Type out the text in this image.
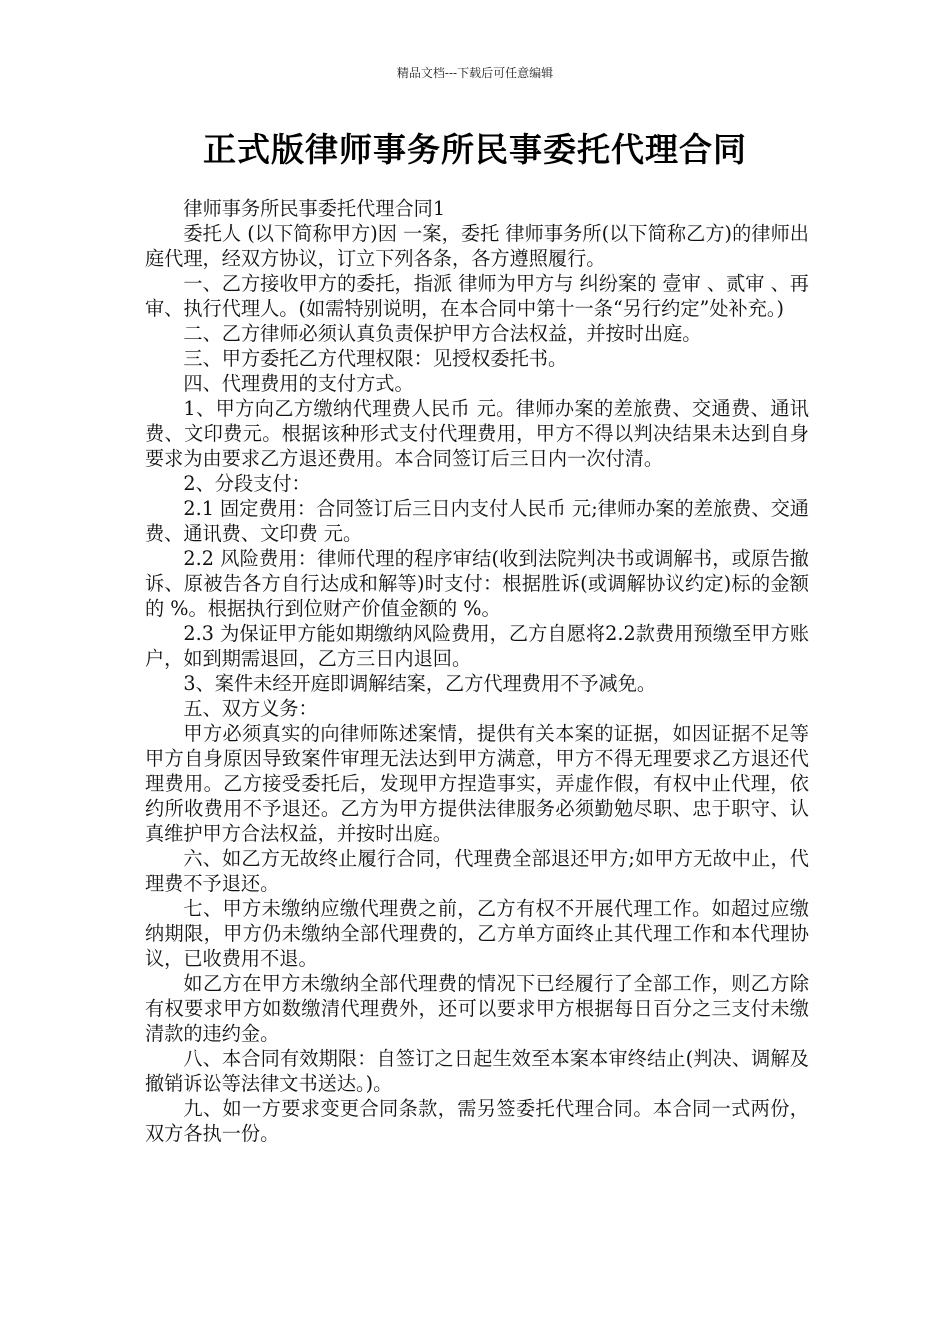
精品文档---下载后可任意编辑
正式版律师事务所民事委托代理合同

律师事务所民事委托代理合同1

委托人 (以下简称甲方)因 一案，委托 律师事务所(以下简称乙方)的律师出庭代理，经双方协议，订立下列各条，各方遵照履行。

一、乙方接收甲方的委托，指派 律师为甲方与 纠纷案的 壹审 、贰审 、再审、执行代理人。(如需特别说明，在本合同中第十一条“另行约定”处补充。)

二、乙方律师必须认真负责保护甲方合法权益，并按时出庭。

三、甲方委托乙方代理权限：见授权委托书。

四、代理费用的支付方式。

1、甲方向乙方缴纳代理费人民币 元。律师办案的差旅费、交通费、通讯费、文印费元。根据该种形式支付代理费用，甲方不得以判决结果未达到自身要求为由要求乙方退还费用。本合同签订后三日内一次付清。

2、分段支付：

2.1 固定费用：合同签订后三日内支付人民币 元;律师办案的差旅费、交通费、通讯费、文印费 元。

2.2 风险费用：律师代理的程序审结(收到法院判决书或调解书，或原告撤诉、原被告各方自行达成和解等)时支付：根据胜诉(或调解协议约定)标的金额的 %。根据执行到位财产价值金额的 %。

2.3 为保证甲方能如期缴纳风险费用，乙方自愿将2.2款费用预缴至甲方账户，如到期需退回，乙方三日内退回。

3、案件未经开庭即调解结案，乙方代理费用不予减免。

五、双方义务：

甲方必须真实的向律师陈述案情，提供有关本案的证据，如因证据不足等甲方自身原因导致案件审理无法达到甲方满意，甲方不得无理要求乙方退还代理费用。乙方接受委托后，发现甲方捏造事实，弄虚作假，有权中止代理，依约所收费用不予退还。乙方为甲方提供法律服务必须勤勉尽职、忠于职守、认真维护甲方合法权益，并按时出庭。

六、如乙方无故终止履行合同，代理费全部退还甲方;如甲方无故中止，代理费不予退还。

七、甲方未缴纳应缴代理费之前，乙方有权不开展代理工作。如超过应缴纳期限，甲方仍未缴纳全部代理费的，乙方单方面终止其代理工作和本代理协议，已收费用不退。

如乙方在甲方未缴纳全部代理费的情况下已经履行了全部工作，则乙方除有权要求甲方如数缴清代理费外，还可以要求甲方根据每日百分之三支付未缴清款的违约金。

八、本合同有效期限：自签订之日起生效至本案本审终结止(判决、调解及撤销诉讼等法律文书送达。)。

九、如一方要求变更合同条款，需另签委托代理合同。本合同一式两份，双方各执一份。
